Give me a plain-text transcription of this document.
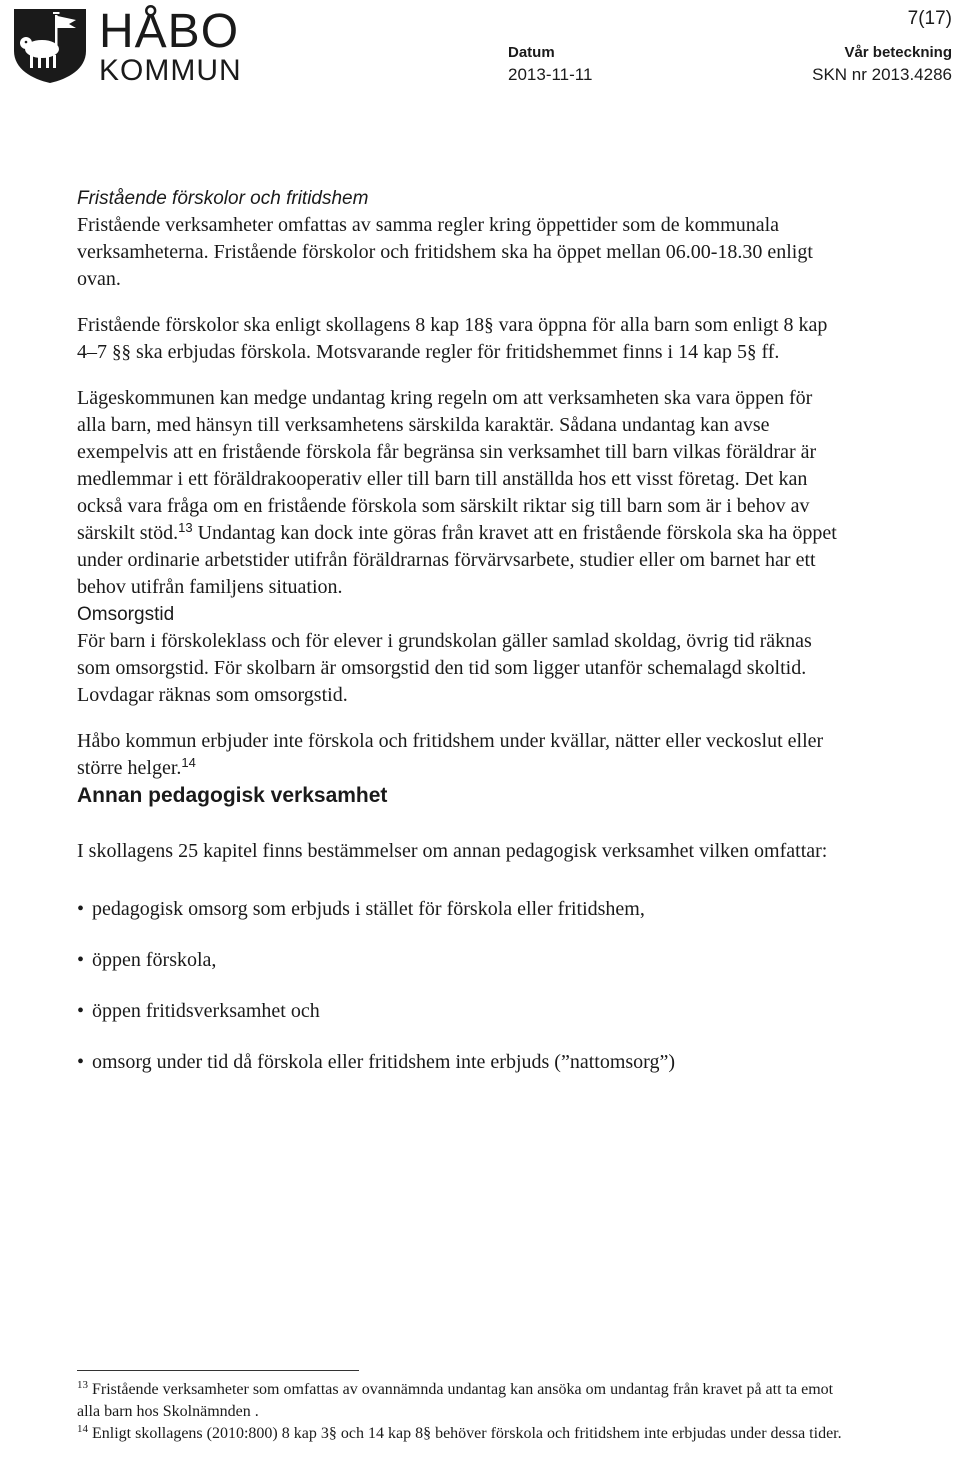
HÅBO
KOMMUN
7(17)
Datum
2013-11-11
Vår beteckning
SKN nr 2013.4286

Fristående förskolor och fritidshem

Fristående verksamheter omfattas av samma regler kring öppettider som de kommunala verksamheterna. Fristående förskolor och fritidshem ska ha öppet mellan 06.00-18.30 enligt ovan.

Fristående förskolor ska enligt skollagens 8 kap 18§ vara öppna för alla barn som enligt 8 kap 4–7 §§ ska erbjudas förskola. Motsvarande regler för fritidshemmet finns i 14 kap 5§ ff.

Lägeskommunen kan medge undantag kring regeln om att verksamheten ska vara öppen för alla barn, med hänsyn till verksamhetens särskilda karaktär. Sådana undantag kan avse exempelvis att en fristående förskola får begränsa sin verksamhet till barn vilkas föräldrar är medlemmar i ett föräldrakooperativ eller till barn till anställda hos ett visst företag. Det kan också vara fråga om en fristående förskola som särskilt riktar sig till barn som är i behov av särskilt stöd.$^{13}$ Undantag kan dock inte göras från kravet att en fristående förskola ska ha öppet under ordinarie arbetstider utifrån föräldrarnas förvärvsarbete, studier eller om barnet har ett behov utifrån familjens situation.

Omsorgstid

För barn i förskoleklass och för elever i grundskolan gäller samlad skoldag, övrig tid räknas som omsorgstid. För skolbarn är omsorgstid den tid som ligger utanför schemalagd skoltid. Lovdagar räknas som omsorgstid.

Håbo kommun erbjuder inte förskola och fritidshem under kvällar, nätter eller veckoslut eller större helger.$^{14}$

Annan pedagogisk verksamhet

I skollagens 25 kapitel finns bestämmelser om annan pedagogisk verksamhet vilken omfattar:

• pedagogisk omsorg som erbjuds i stället för förskola eller fritidshem,
• öppen förskola,
• öppen fritidsverksamhet och
• omsorg under tid då förskola eller fritidshem inte erbjuds (”nattomsorg”)

$^{13}$ Fristående verksamheter som omfattas av ovannämnda undantag kan ansöka om undantag från kravet på att ta emot alla barn hos Skolnämnden .

$^{14}$ Enligt skollagens (2010:800) 8 kap 3§ och 14 kap 8§ behöver förskola och fritidshem inte erbjudas under dessa tider.
